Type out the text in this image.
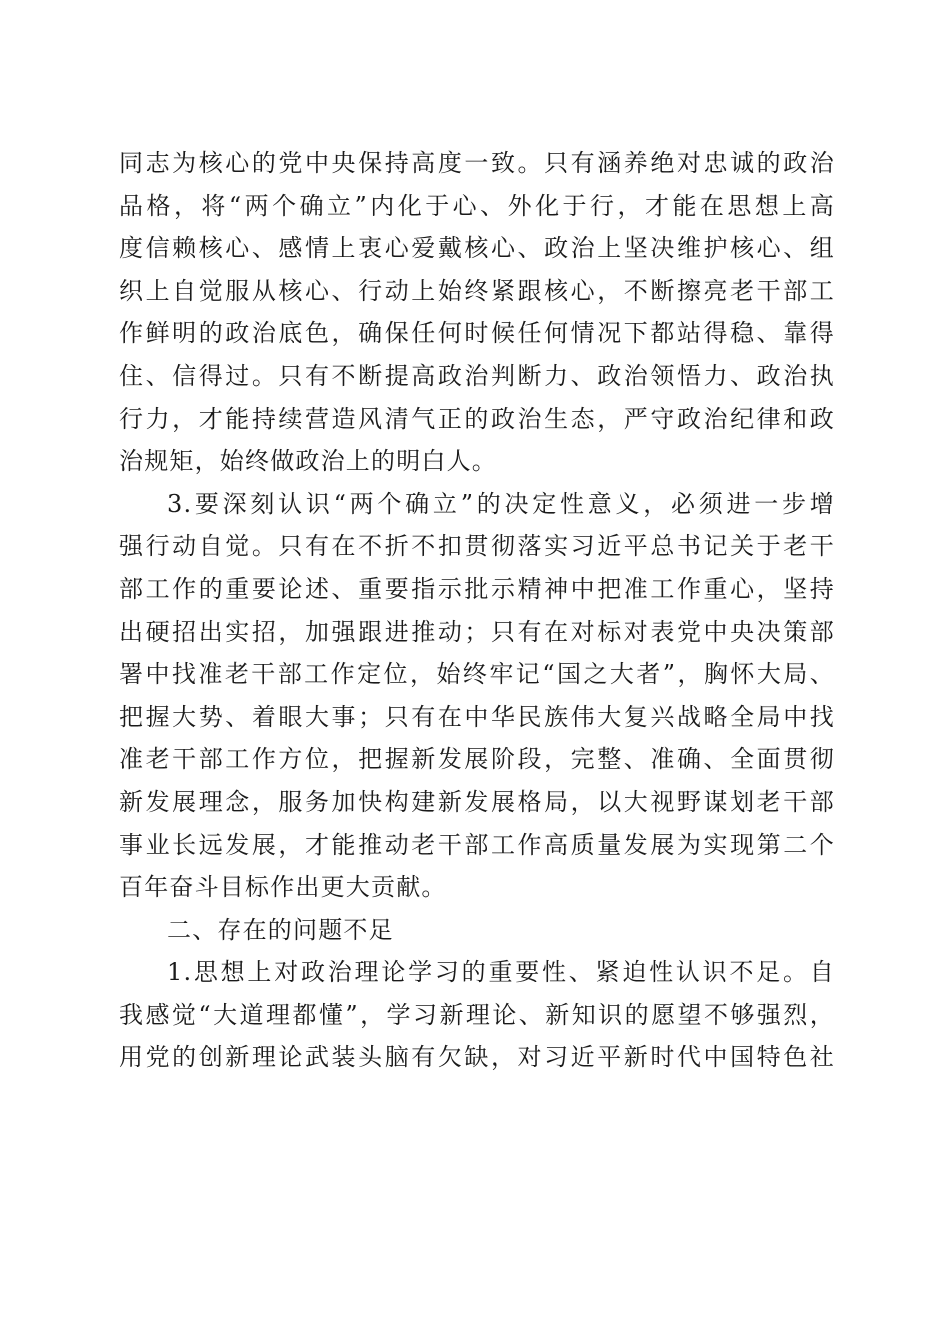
同志为核心的党中央保持高度一致。只有涵养绝对忠诚的政治
品格，将“两个确立”内化于心、外化于行，才能在思想上高
度信赖核心、感情上衷心爱戴核心、政治上坚决维护核心、组
织上自觉服从核心、行动上始终紧跟核心，不断擦亮老干部工
作鲜明的政治底色，确保任何时候任何情况下都站得稳、靠得
住、信得过。只有不断提高政治判断力、政治领悟力、政治执
行力，才能持续营造风清气正的政治生态，严守政治纪律和政
治规矩，始终做政治上的明白人。
3.要深刻认识“两个确立”的决定性意义，必须进一步增
强行动自觉。只有在不折不扣贯彻落实习近平总书记关于老干
部工作的重要论述、重要指示批示精神中把准工作重心，坚持
出硬招出实招，加强跟进推动；只有在对标对表党中央决策部
署中找准老干部工作定位，始终牢记“国之大者”，胸怀大局、
把握大势、着眼大事；只有在中华民族伟大复兴战略全局中找
准老干部工作方位，把握新发展阶段，完整、准确、全面贯彻
新发展理念，服务加快构建新发展格局，以大视野谋划老干部
事业长远发展，才能推动老干部工作高质量发展为实现第二个
百年奋斗目标作出更大贡献。
二、存在的问题不足
1.思想上对政治理论学习的重要性、紧迫性认识不足。自
我感觉“大道理都懂”，学习新理论、新知识的愿望不够强烈，
用党的创新理论武装头脑有欠缺，对习近平新时代中国特色社
